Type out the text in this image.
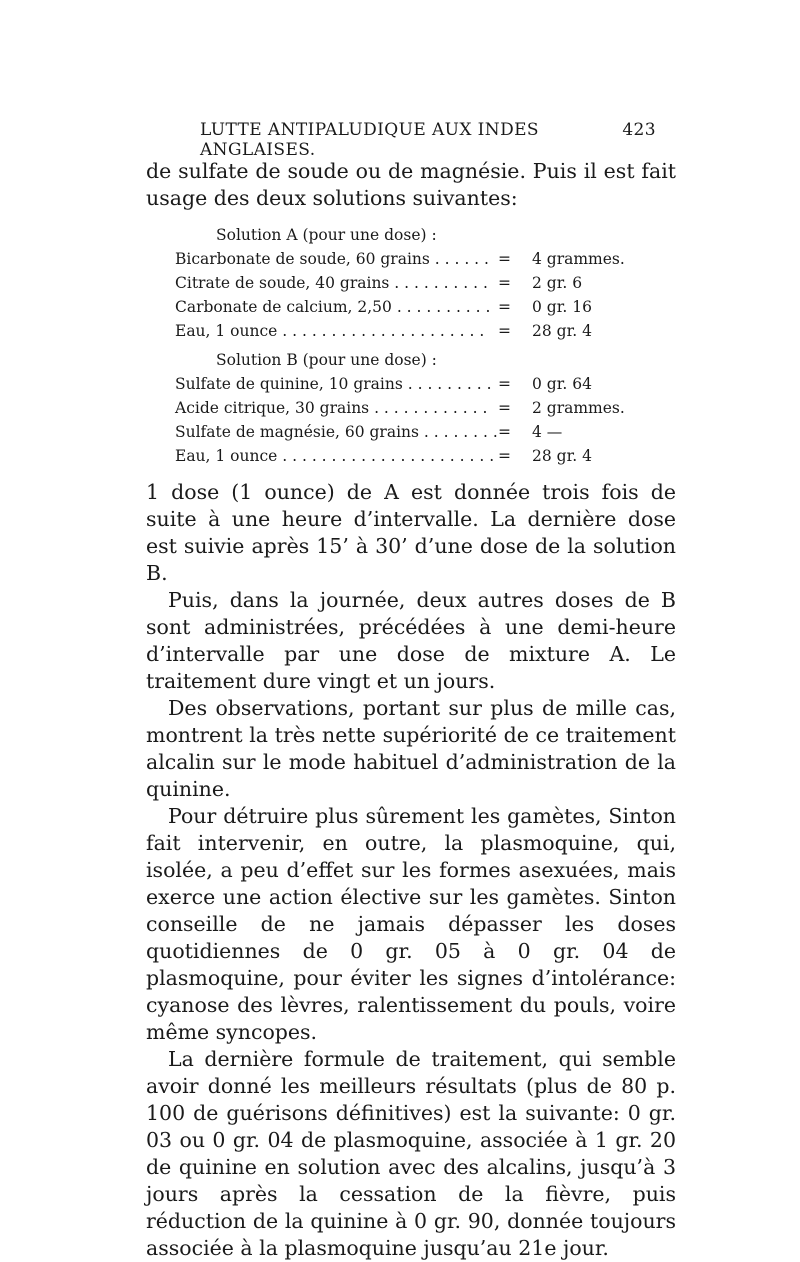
LUTTE ANTIPALUDIQUE AUX INDES ANGLAISES.
423
de sulfate de soude ou de magnésie. Puis il est fait usage des deux solutions suivantes:
Solution A (pour une dose) :
Bicarbonate de soude, 60 grains . . . . . . = 4 grammes.
Citrate de soude, 40 grains . . . . . . . . . . = 2 gr. 6
Carbonate de calcium, 2,50 . . . . . . . . . . = 0 gr. 16
Eau, 1 ounce . . . . . . . . . . . . . . . . . . . . . = 28 gr. 4
Solution B (pour une dose) :
Sulfate de quinine, 10 grains . . . . . . . . . = 0 gr. 64
Acide citrique, 30 grains . . . . . . . . . . . . = 2 grammes.
Sulfate de magnésie, 60 grains . . . . . . . . = 4 —
Eau, 1 ounce . . . . . . . . . . . . . . . . . . . . . . = 28 gr. 4

1 dose (1 ounce) de A est donnée trois fois de suite à une heure d’intervalle. La dernière dose est suivie après 15’ à 30’ d’une dose de la solution B.

Puis, dans la journée, deux autres doses de B sont administrées, précédées à une demi-heure d’intervalle par une dose de mixture A. Le traitement dure vingt et un jours.

Des observations, portant sur plus de mille cas, montrent la très nette supériorité de ce traitement alcalin sur le mode habituel d’administration de la quinine.

Pour détruire plus sûrement les gamètes, Sinton fait intervenir, en outre, la plasmoquine, qui, isolée, a peu d’effet sur les formes asexuées, mais exerce une action élective sur les gamètes. Sinton conseille de ne jamais dépasser les doses quotidiennes de 0 gr. 05 à 0 gr. 04 de plasmoquine, pour éviter les signes d’intolérance: cyanose des lèvres, ralentissement du pouls, voire même syncopes.

La dernière formule de traitement, qui semble avoir donné les meilleurs résultats (plus de 80 p. 100 de guérisons définitives) est la suivante: 0 gr. 03 ou 0 gr. 04 de plasmoquine, associée à 1 gr. 20 de quinine en solution avec des alcalins, jusqu’à 3 jours après la cessation de la fièvre, puis réduction de la quinine à 0 gr. 90, donnée toujours associée à la plasmoquine jusqu’au 21e jour.
